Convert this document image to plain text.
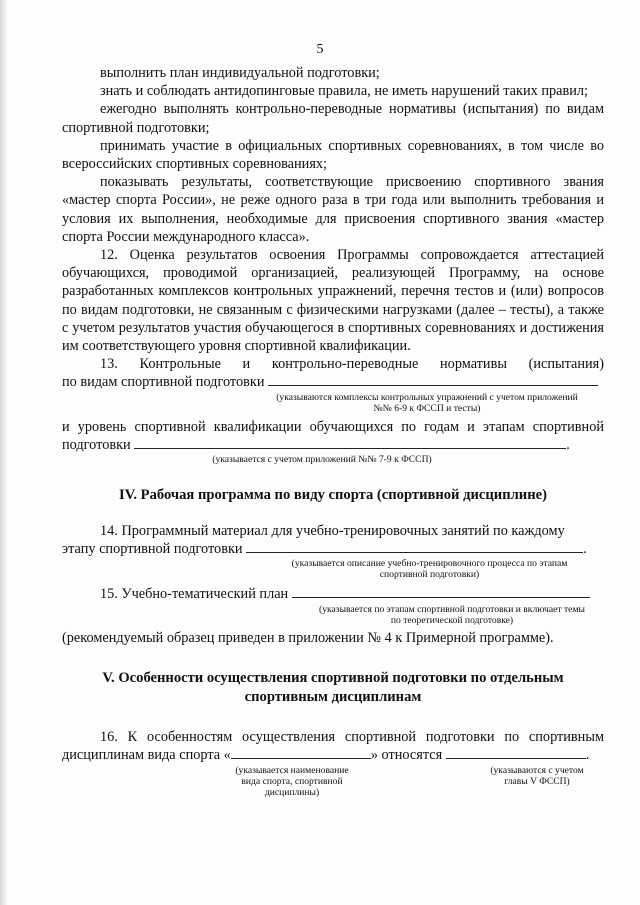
5

выполнить план индивидуальной подготовки;

знать и соблюдать антидопинговые правила, не иметь нарушений таких правил;

ежегодно выполнять контрольно-переводные нормативы (испытания) по видам спортивной подготовки;

принимать участие в официальных спортивных соревнованиях, в том числе во всероссийских спортивных соревнованиях;

показывать результаты, соответствующие присвоению спортивного звания «мастер спорта России», не реже одного раза в три года или выполнить требования и условия их выполнения, необходимые для присвоения спортивного звания «мастер спорта России международного класса».

12. Оценка результатов освоения Программы сопровождается аттестацией обучающихся, проводимой организацией, реализующей Программу, на основе разработанных комплексов контрольных упражнений, перечня тестов и (или) вопросов по видам подготовки, не связанным с физическими нагрузками (далее – тесты), а также с учетом результатов участия обучающегося в спортивных соревнованиях и достижения им соответствующего уровня спортивной квалификации.

13. Контрольные и контрольно-переводные нормативы (испытания)

по видам спортивной подготовки
(указываются комплексы контрольных упражнений с учетом приложений
№№ 6-9 к ФССП и тесты)

и уровень спортивной квалификации обучающихся по годам и этапам спортивной

подготовки	.
(указывается с учетом приложений №№ 7-9 к ФССП)
IV. Рабочая программа по виду спорта (спортивной дисциплине)

14. Программный материал для учебно-тренировочных занятий по каждому

этапу спортивной подготовки	.
(указывается описание учебно-тренировочного процесса по этапам
спортивной подготовки)
15. Учебно-тематический план
(указывается по этапам спортивной подготовки и включает темы
по теоретической подготовке)

(рекомендуемый образец приведен в приложении № 4 к Примерной программе).

V. Особенности осуществления спортивной подготовки по отдельным
спортивным дисциплинам

16. К особенностям осуществления спортивной подготовки по спортивным

дисциплинам вида спорта «	» относятся	.
(указывается наименование
вида спорта, спортивной
дисциплины)
(указываются с учетом
главы V ФССП)
